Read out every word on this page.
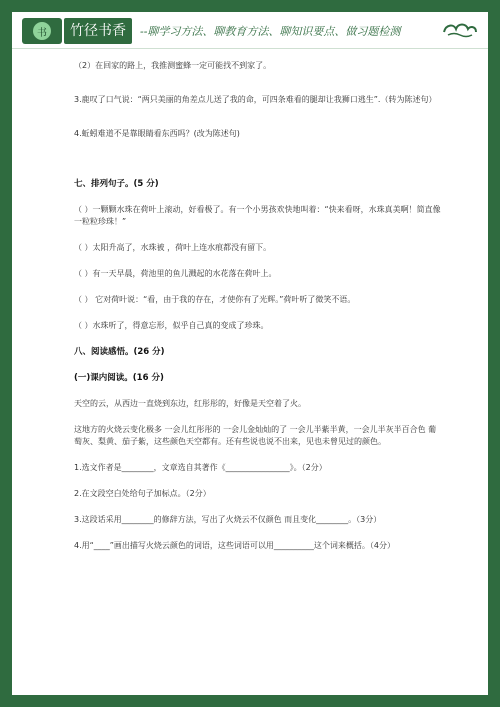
书	竹径书香	--聊学习方法、聊教育方法、聊知识要点、做习题检测

（2）在回家的路上，我推测蜜蜂一定可能找不到家了。

3.鹿叹了口气说：“两只美丽的角差点儿送了我的命，可四条难看的腿却让我狮口逃生”.（转为陈述句）

4.蚯蚓难道不是靠眼睛看东西吗？(改为陈述句)

七、排列句子。(5 分)

（ ）一颗颗水珠在荷叶上滚动，好看极了。有一个小男孩欢快地叫着：“快来看呀，水珠真美啊！简直像一粒粒珍珠！”

（ ）太阳升高了，水珠被 ，荷叶上连水痕都没有留下。

（ ）有一天早晨，荷池里的鱼儿溅起的水花落在荷叶上。

（ ） 它对荷叶说：“看，由于我的存在，才使你有了光辉。”荷叶听了微笑不语。

（ ）水珠听了，得意忘形，似乎自己真的变成了珍珠。

八、阅读感悟。(26 分)

(一)课内阅读。(16 分)

天空的云，从西边一直烧到东边，红彤彤的，好像是天空着了火。

这地方的火烧云变化极多 一会儿红彤彤的 一会儿金灿灿的了 一会儿半紫半黄，一会儿半灰半百合色 葡萄灰、梨黄、茄子紫，这些颜色天空都有。还有些说也说不出来，见也未曾见过的颜色。

1.选文作者是________，文章选自其著作《________________》。（2分）

2.在文段空白处给句子加标点。（2分）

3.这段话采用________的修辞方法，写出了火烧云不仅颜色 而且变化________。（3分）

4.用“____”画出描写火烧云颜色的词语，这些词语可以用__________这个词来概括。（4分）
